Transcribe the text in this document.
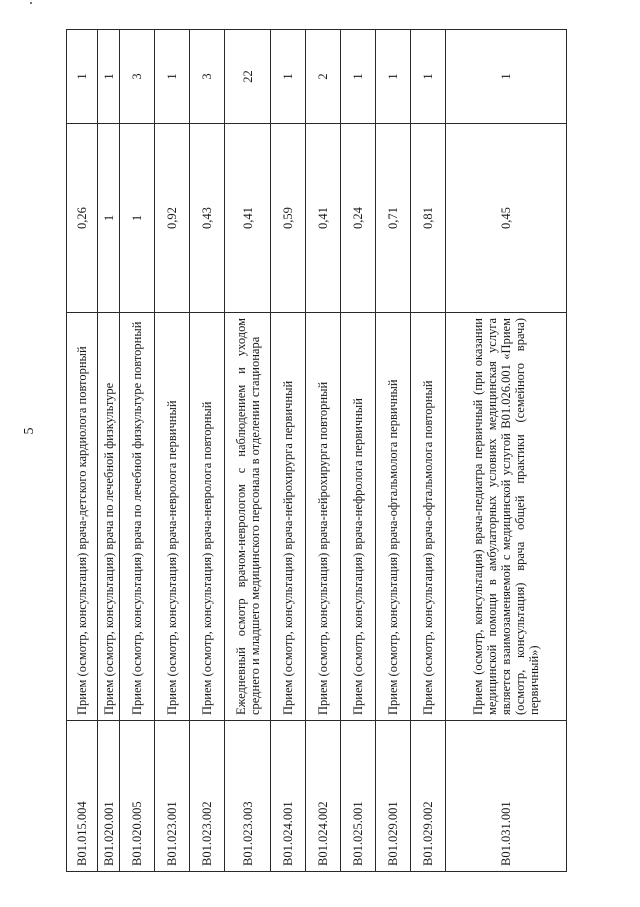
5
B01.015.004	Прием (осмотр, консультация) врача-детского кардиолога повторный	0,26	1
B01.020.001	Прием (осмотр, консультация) врача по лечебной физкультуре	1	1
B01.020.005	Прием (осмотр, консультация) врача по лечебной физкультуре повторный	1	3
B01.023.001	Прием (осмотр, консультация) врача-невролога первичный	0,92	1
B01.023.002	Прием (осмотр, консультация) врача-невролога повторный	0,43	3
B01.023.003	Ежедневный осмотр врачом-неврологом с наблюдением и уходом среднего и младшего медицинского персонала в отделении стационара	0,41	22
B01.024.001	Прием (осмотр, консультация) врача-нейрохирурга первичный	0,59	1
B01.024.002	Прием (осмотр, консультация) врача-нейрохирурга повторный	0,41	2
B01.025.001	Прием (осмотр, консультация) врача-нефролога первичный	0,24	1
B01.029.001	Прием (осмотр, консультация) врача-офтальмолога первичный	0,71	1
B01.029.002	Прием (осмотр, консультация) врача-офтальмолога повторный	0,81	1
B01.031.001	Прием (осмотр, консультация) врача-педиатра первичный (при оказании медицинской помощи в амбулаторных условиях медицинская услуга является взаимозаменяемой с медицинской услугой B01.026.001 «Прием (осмотр, консультация) врача общей практики (семейного врача) первичный»)	0,45	1
